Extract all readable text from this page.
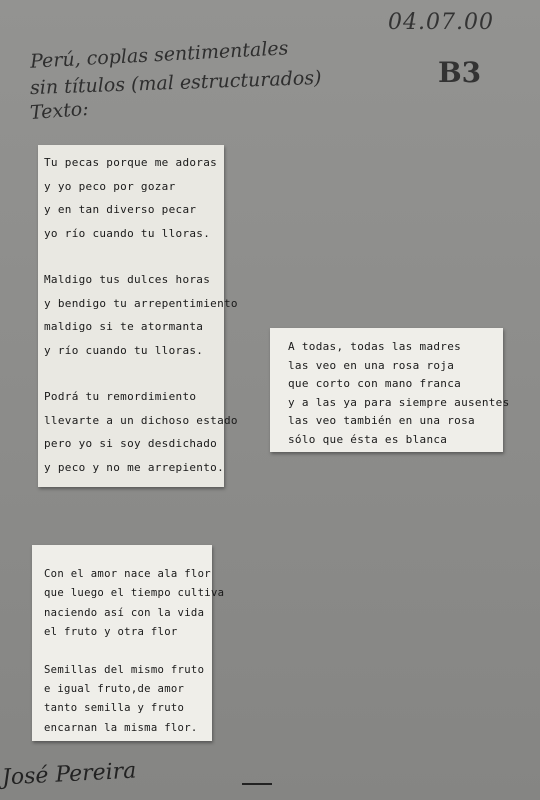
04.07.00
Perú, coplas sentimentales
sin títulos (mal estructurados)
Texto:
B3
Tu pecas porque me adoras
y yo peco por gozar
y en tan diverso pecar
yo río cuando tu lloras.
Maldigo tus dulces horas
y bendigo tu arrepentimiento
maldigo si te atormanta
y río cuando tu lloras.
Podrá tu remordimiento
llevarte a un dichoso estado
pero yo si soy desdichado
y peco y no me arrepiento.
A todas, todas las madres
las veo en una rosa roja
que corto con mano franca
y a las ya para siempre ausentes
las veo también en una rosa
sólo que ésta es blanca
Con el amor nace ala flor
que luego el tiempo cultiva
naciendo así con la vida
el fruto y otra flor
Semillas del mismo fruto
e igual fruto,de amor
tanto semilla y fruto
encarnan la misma flor.
José Pereira
